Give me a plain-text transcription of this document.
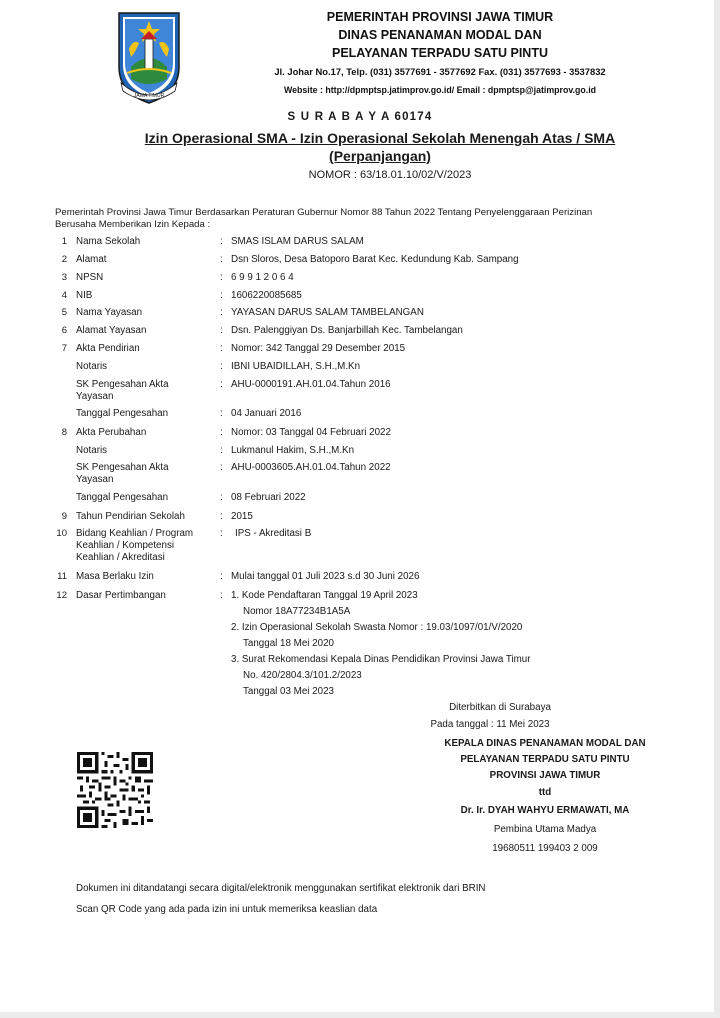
JAWA TIMUR
PEMERINTAH PROVINSI JAWA TIMUR
DINAS PENANAMAN MODAL DAN
PELAYANAN TERPADU SATU PINTU
Jl. Johar No.17, Telp. (031) 3577691 - 3577692 Fax. (031) 3577693 - 3537832
Website : http://dpmptsp.jatimprov.go.id/ Email : dpmptsp@jatimprov.go.id
S U R A B A Y A 60174
Izin Operasional SMA - Izin Operasional Sekolah Menengah Atas / SMA (Perpanjangan)
NOMOR : 63/18.01.10/02/V/2023
Pemerintah Provinsi Jawa Timur Berdasarkan Peraturan Gubernur Nomor 88 Tahun 2022 Tentang Penyelenggaraan Perizinan Berusaha Memberikan Izin Kepada :
1 Nama Sekolah	: SMAS ISLAM DARUS SALAM
2 Alamat	: Dsn Sloros, Desa Batoporo Barat Kec. Kedundung Kab. Sampang
3 NPSN	: 6 9 9 1 2 0 6 4
4 NIB	: 1606220085685
5 Nama Yayasan	: YAYASAN DARUS SALAM TAMBELANGAN
6 Alamat Yayasan	: Dsn. Palenggiyan Ds. Banjarbillah Kec. Tambelangan
7 Akta Pendirian	: Nomor: 342 Tanggal 29 Desember 2015
Notaris	: IBNI UBAIDILLAH, S.H.,M.Kn
SK Pengesahan Akta Yayasan
: AHU-0000191.AH.01.04.Tahun 2016
Tanggal Pengesahan	: 04 Januari 2016
8 Akta Perubahan	: Nomor: 03 Tanggal 04 Februari 2022
Notaris	: Lukmanul Hakim, S.H.,M.Kn
SK Pengesahan Akta Yayasan
: AHU-0003605.AH.01.04.Tahun 2022
Tanggal Pengesahan	: 08 Februari 2022
9 Tahun Pendirian Sekolah	: 2015
10 Bidang Keahlian / Program Keahlian / Kompetensi Keahlian / Akreditasi
: IPS - Akreditasi B
11 Masa Berlaku Izin	: Mulai tanggal 01 Juli 2023 s.d 30 Juni 2026
12 Dasar Pertimbangan	: 1. Kode Pendaftaran Tanggal 19 April 2023
Nomor 18A77234B1A5A
2. Izin Operasional Sekolah Swasta Nomor : 19.03/1097/01/V/2020
Tanggal 18 Mei 2020
3. Surat Rekomendasi Kepala Dinas Pendidikan Provinsi Jawa Timur
No. 420/2804.3/101.2/2023
Tanggal 03 Mei 2023
Diterbitkan di Surabaya
Pada tanggal : 11 Mei 2023
KEPALA DINAS PENANAMAN MODAL DAN
PELAYANAN TERPADU SATU PINTU
PROVINSI JAWA TIMUR
ttd
Dr. Ir. DYAH WAHYU ERMAWATI, MA
Pembina Utama Madya
19680511 199403 2 009
Dokumen ini ditandatangi secara digital/elektronik menggunakan sertifikat elektronik dari BRIN
Scan QR Code yang ada pada izin ini untuk memeriksa keaslian data
